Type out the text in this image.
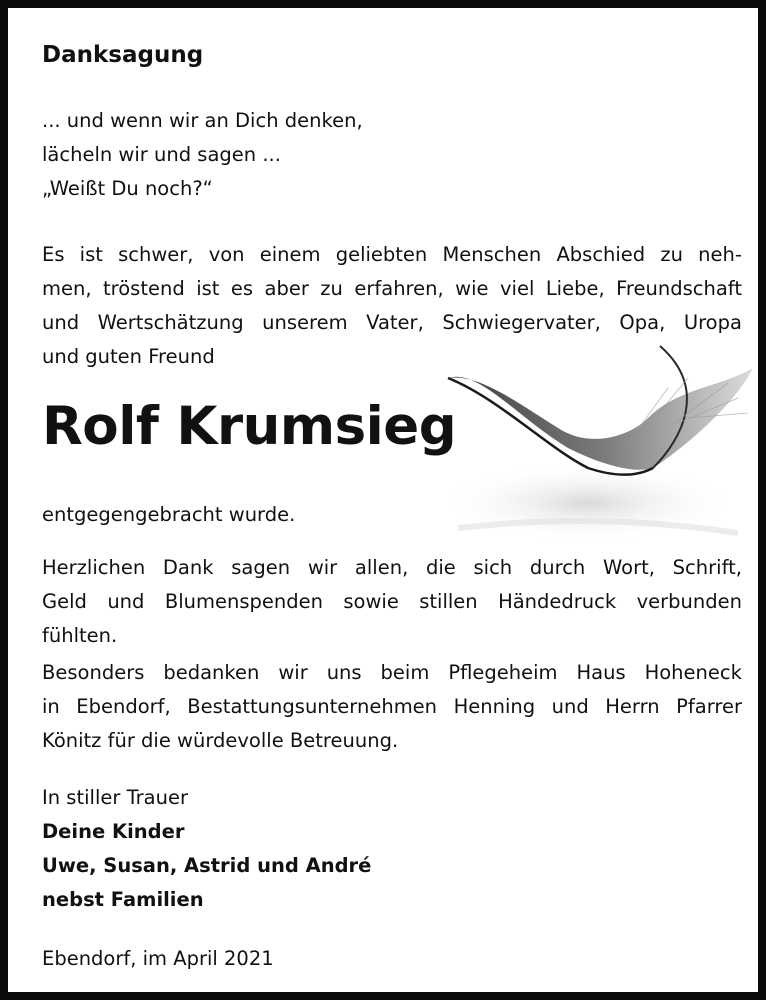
Danksagung
... und wenn wir an Dich denken,
lächeln wir und sagen ...
„Weißt Du noch?“
Es ist schwer, von einem geliebten Menschen Abschied zu neh-
men, tröstend ist es aber zu erfahren, wie viel Liebe, Freundschaft
und Wertschätzung unserem Vater, Schwiegervater, Opa, Uropa
und guten Freund
Rolf Krumsieg
entgegengebracht wurde.
Herzlichen Dank sagen wir allen, die sich durch Wort, Schrift,
Geld und Blumenspenden sowie stillen Händedruck verbunden
fühlten.
Besonders bedanken wir uns beim Pflegeheim Haus Hoheneck
in Ebendorf, Bestattungsunternehmen Henning und Herrn Pfarrer
Könitz für die würdevolle Betreuung.
In stiller Trauer
Deine Kinder
Uwe, Susan, Astrid und André
nebst Familien
Ebendorf, im April 2021
